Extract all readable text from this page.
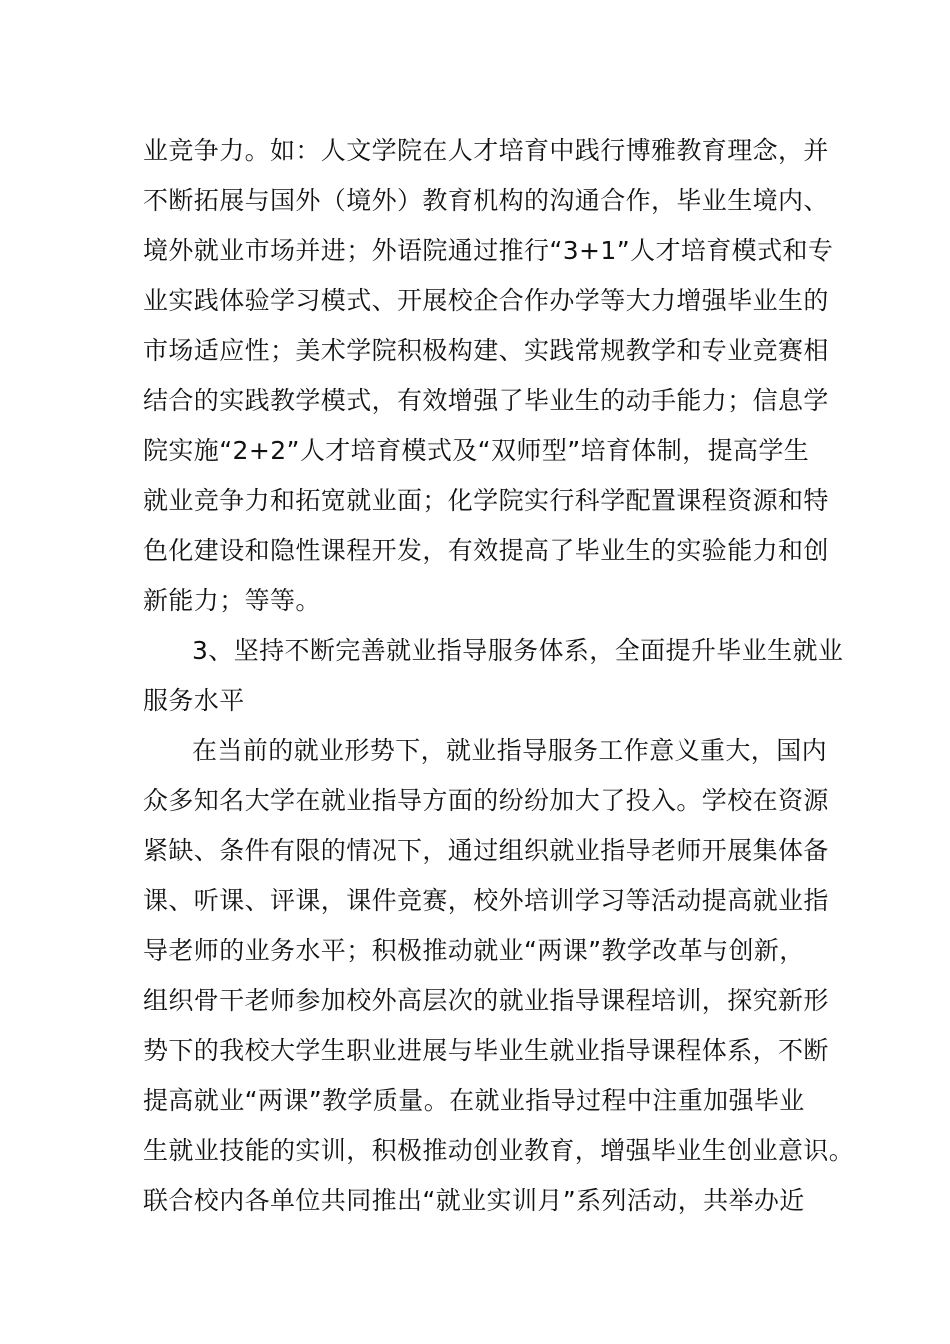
业竞争力。如：人文学院在人才培育中践行博雅教育理念，并
不断拓展与国外（境外）教育机构的沟通合作，毕业生境内、
境外就业市场并进；外语院通过推行“3+1”人才培育模式和专
业实践体验学习模式、开展校企合作办学等大力增强毕业生的
市场适应性；美术学院积极构建、实践常规教学和专业竞赛相
结合的实践教学模式，有效增强了毕业生的动手能力；信息学
院实施“2+2”人才培育模式及“双师型”培育体制，提高学生
就业竞争力和拓宽就业面；化学院实行科学配置课程资源和特
色化建设和隐性课程开发，有效提高了毕业生的实验能力和创
新能力；等等。
3、坚持不断完善就业指导服务体系，全面提升毕业生就业
服务水平
在当前的就业形势下，就业指导服务工作意义重大，国内
众多知名大学在就业指导方面的纷纷加大了投入。学校在资源
紧缺、条件有限的情况下，通过组织就业指导老师开展集体备
课、听课、评课，课件竞赛，校外培训学习等活动提高就业指
导老师的业务水平；积极推动就业“两课”教学改革与创新，
组织骨干老师参加校外高层次的就业指导课程培训，探究新形
势下的我校大学生职业进展与毕业生就业指导课程体系，不断
提高就业“两课”教学质量。在就业指导过程中注重加强毕业
生就业技能的实训，积极推动创业教育，增强毕业生创业意识。
联合校内各单位共同推出“就业实训月”系列活动，共举办近
